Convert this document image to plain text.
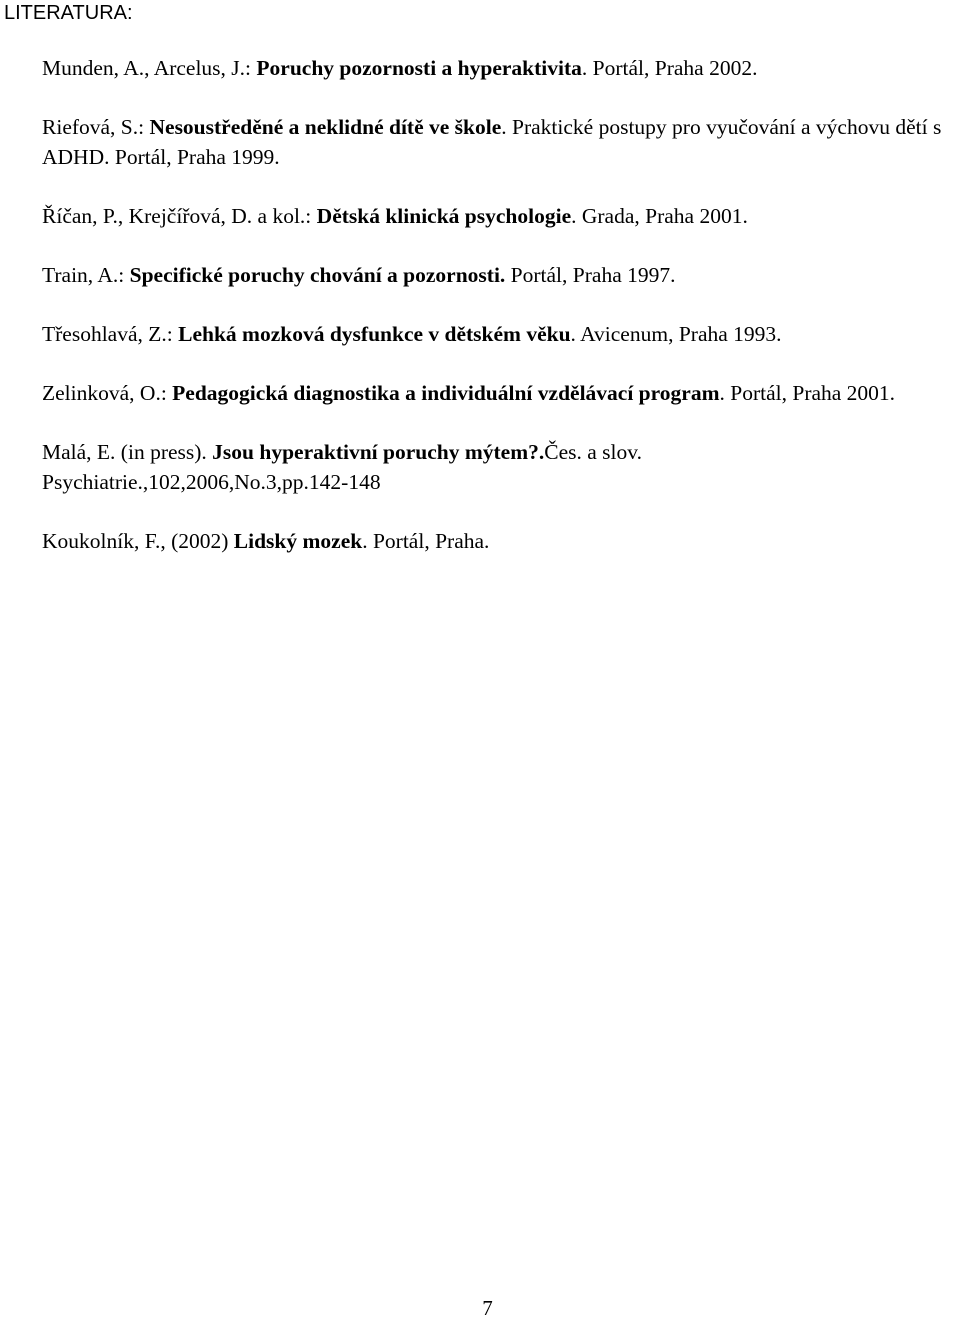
LITERATURA:

Munden, A., Arcelus, J.: Poruchy pozornosti a hyperaktivita. Portál, Praha 2002.

Riefová, S.: Nesoustředěné a neklidné dítě ve škole. Praktické postupy pro vyučování a výchovu dětí s ADHD. Portál, Praha 1999.

Říčan, P., Krejčířová, D. a kol.: Dětská klinická psychologie. Grada, Praha 2001.

Train, A.: Specifické poruchy chování a pozornosti. Portál, Praha 1997.

Třesohlavá, Z.: Lehká mozková dysfunkce v dětském věku. Avicenum, Praha 1993.

Zelinková, O.: Pedagogická diagnostika a individuální vzdělávací program. Portál, Praha 2001.

Malá, E. (in press). Jsou hyperaktivní poruchy mýtem?.Čes. a slov. Psychiatrie.,102,2006,No.3,pp.142-148

Koukolník, F., (2002) Lidský mozek. Portál, Praha.

7
